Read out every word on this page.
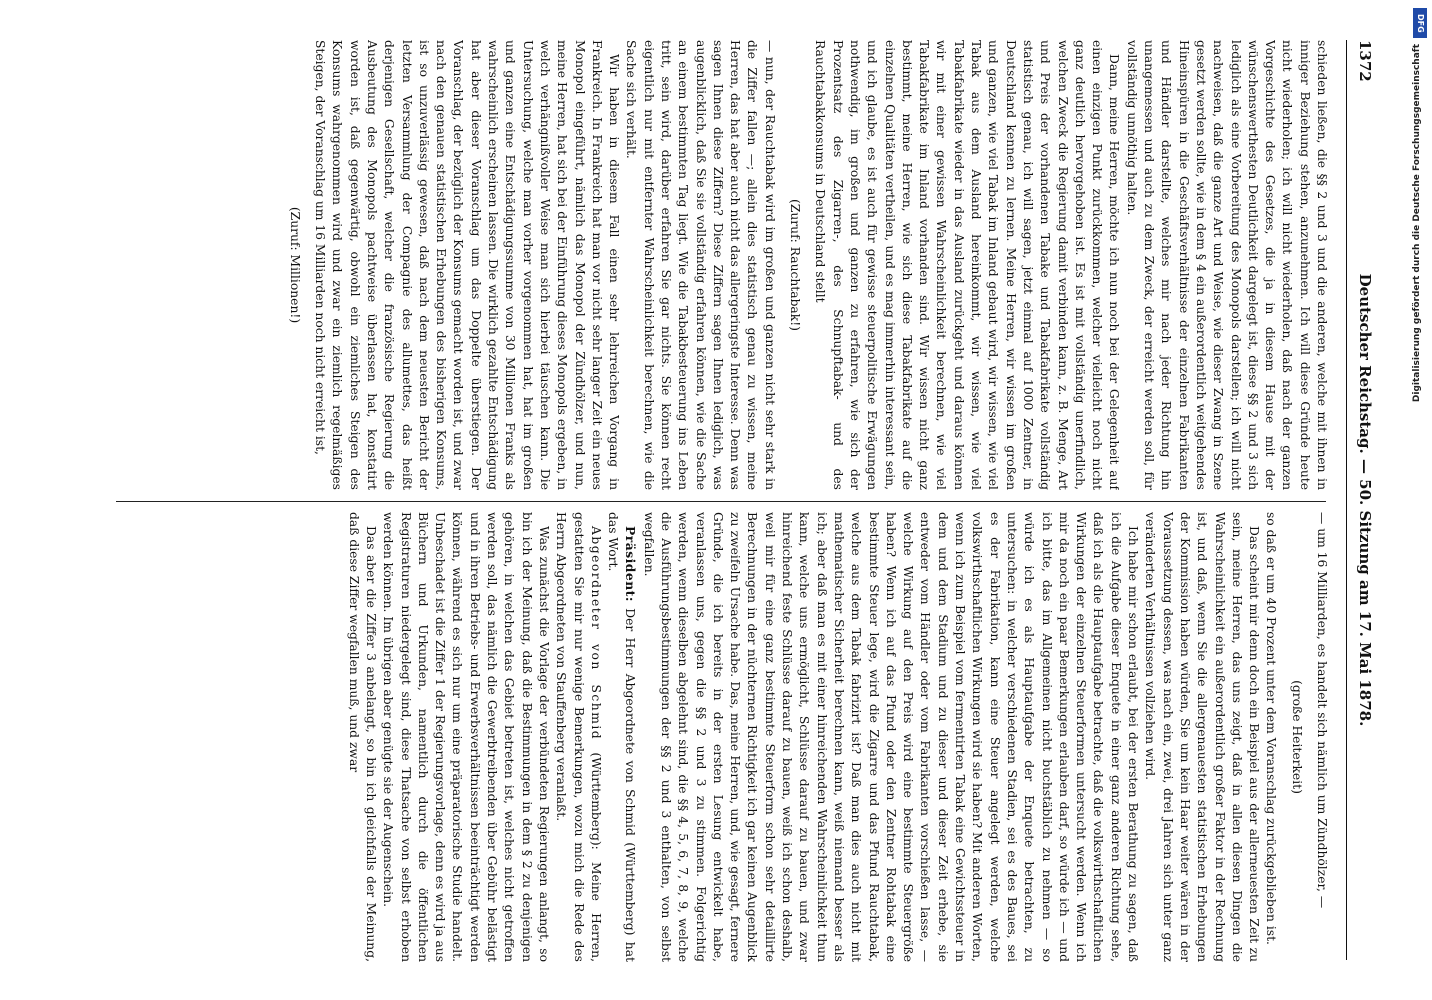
1372
Deutscher Reichstag. — 50. Sitzung am 17. Mai 1878.

schieden ließen, die §§ 2 und 3 und die anderen, welche mit ihnen in inniger Beziehung stehen, anzunehmen. Ich will diese Gründe heute nicht wiederholen; ich will nicht wiederholen, daß nach der ganzen Vorgeschichte des Gesetzes, die ja in diesem Hause mit der wünschenswerthesten Deutlichkeit dargelegt ist, diese §§ 2 und 3 sich lediglich als eine Vorbereitung des Monopols darstellen; ich will nicht nachweisen, daß die ganze Art und Weise, wie dieser Zwang in Szene gesetzt werden sollte, wie in dem § 4 ein außerordentlich weitgehendes Hineinspüren in die Geschäftsverhältnisse der einzelnen Fabrikanten und Händler darstellte, welches mir nach jeder Richtung hin unangemessen und auch zu dem Zweck, der erreicht werden soll, für vollständig unnöthig halten.

Dann, meine Herren, möchte ich nun noch bei der Gelegenheit auf einen einzigen Punkt zurückkommen, welcher vielleicht noch nicht ganz deutlich hervorgehoben ist. Es ist mit vollständig unerfindlich, welchen Zweck die Regierung damit verbinden kann, z. B. Menge, Art und Preis der vorhandenen Tabake und Tabakfabrikate vollständig statistisch genau, ich will sagen, jetzt einmal auf 1000 Zentner, in Deutschland kennen zu lernen. Meine Herren, wir wissen im großen und ganzen, wie viel Tabak im Inland gebaut wird, wir wissen, wie viel Tabak aus dem Ausland hereinkommt, wir wissen, wie viel Tabakfabrikate wieder in das Ausland zurückgeht und daraus können wir mit einer gewissen Wahrscheinlichkeit berechnen, wie viel Tabakfabrikate im Inland vorhanden sind. Wir wissen nicht ganz bestimmt, meine Herren, wie sich diese Tabakfabrikate auf die einzelnen Qualitäten vertheilen, und es mag immerhin interessant sein, und ich glaube, es ist auch für gewisse steuerpolitische Erwägungen nothwendig, im großen und ganzen zu erfahren, wie sich der Prozentsatz des Zigarren-, des Schnupftabak- und des Rauchtabakkonsums in Deutschland stellt

(Zuruf: Rauchtabak!)

— nun, der Rauchtabak wird im großen und ganzen nicht sehr stark in die Ziffer fallen —; allein dies statistisch genau zu wissen, meine Herren, das hat aber auch nicht das allergeringste Interesse. Denn was sagen Ihnen diese Ziffern? Diese Ziffern sagen Ihnen lediglich, was augenblicklich, daß Sie sie vollständig erfahren können, wie die Sache an einem bestimmten Tag liegt. Wie die Tabakbesteuerung ins Leben tritt, sein wird, darüber erfahren Sie gar nichts. Sie können recht eigentlich nur mit entfernter Wahrscheinlichkeit berechnen, wie die Sache sich verhält.

Wir haben in diesem Fall einen sehr lehrreichen Vorgang in Frankreich. In Frankreich hat man vor nicht sehr langer Zeit ein neues Monopol eingeführt, nämlich das Monopol der Zündhölzer, und nun, meine Herren, hat sich bei der Einführung dieses Monopols ergeben, in welch verhängnißvoller Weise man sich hierbei täuschen kann. Die Untersuchung, welche man vorher vorgenommen hat, hat im großen und ganzen eine Entschädigungssumme von 30 Millionen Franks als wahrscheinlich erscheinen lassen. Die wirklich gezahlte Entschädigung hat aber dieser Voranschlag um das Doppelte überstiegen. Der Voranschlag, der bezüglich der Konsums gemacht worden ist, und zwar nach den genauen statistischen Erhebungen des bisherigen Konsums, ist so unzuverlässig gewesen, daß nach dem neuesten Bericht der letzten Versammlung der Compagnie des allumettes, das heißt derjenigen Gesellschaft, welcher die französische Regierung die Ausbeutung des Monopols pachtweise überlassen hat, konstatirt worden ist, daß gegenwärtig, obwohl ein ziemliches Steigen des Konsums wahrgenommen wird und zwar ein ziemlich regelmäßiges Steigen, der Voranschlag um 16 Milliarden noch nicht erreicht ist,

(Zuruf: Millionen!)

— um 16 Milliarden, es handelt sich nämlich um Zündhölzer, —

(große Heiterkeit)

so daß er um 40 Prozent unter dem Voranschlag zurückgeblieben ist.

Das scheint mir denn doch ein Beispiel aus der allerneuesten Zeit zu sein, meine Herren, das uns zeigt, daß in allen diesen Dingen die Wahrscheinlichkeit ein außerordentlich großer Faktor in der Rechnung ist, und daß, wenn Sie die allergenauesten statistischen Erhebungen der Kommission haben würden, Sie um kein Haar weiter wären in der Voraussetzung dessen, was nach ein, zwei, drei Jahren sich unter ganz veränderten Verhältnissen vollziehen wird.

Ich habe mir schon erlaubt, bei der ersten Berathung zu sagen, daß ich die Aufgabe dieser Enquete in einer ganz anderen Richtung sehe, daß ich als die Hauptaufgabe betrachte, daß die volkswirthschaftlichen Wirkungen der einzelnen Steuerformen untersucht werden. Wenn ich mir da noch ein paar Bemerkungen erlauben darf, so würde ich — und ich bitte, das im Allgemeinen nicht buchstäblich zu nehmen — so würde ich es als Hauptaufgabe der Enquete betrachten, zu untersuchen: in welcher verschiedenen Stadien, sei es des Baues, sei es der Fabrikation, kann eine Steuer angelegt werden, welche volkswirthschaftlichen Wirkungen wird sie haben? Mit anderen Worten, wenn ich zum Beispiel vom fermentirten Tabak eine Gewichtssteuer in dem und dem Stadium und zu dieser und dieser Zeit erhebe, sie entweder vom Händler oder vom Fabrikanten vorschießen lasse, — welche Wirkung auf den Preis wird eine bestimmte Steuergröße haben? Wenn ich auf das Pfund oder den Zentner Rohtabak eine bestimmte Steuer lege, wird die Zigarre und das Pfund Rauchtabak, welche aus dem Tabak fabrizirt ist? Daß man dies auch nicht mit mathematischer Sicherheit berechnen kann, weiß niemand besser als ich; aber daß man es mit einer hinreichenden Wahrscheinlichkeit thun kann, welche uns ermöglicht, Schlüsse darauf zu bauen, und zwar hinreichend feste Schlüsse darauf zu bauen, weiß ich schon deshalb, weil mir für eine ganz bestimmte Steuerform schon sehr detaillirte Berechnungen in der nüchternen Richtigkeit ich gar keinen Augenblick zu zweifeln Ursache habe. Das, meine Herren, und, wie gesagt, fernere Gründe, die ich bereits in der ersten Lesung entwickelt habe, veranlassen uns, gegen die §§ 2 und 3 zu stimmen. Folgerichtig werden, wenn dieselben abgelehnt sind, die §§ 4, 5, 6, 7, 8, 9, welche die Ausführungsbestimmungen der §§ 2 und 3 enthalten, von selbst wegfallen.

Präsident: Der Herr Abgeordnete von Schmid (Württemberg) hat das Wort.

Abgeordneter von Schmid (Württemberg): Meine Herren, gestatten Sie mir nur wenige Bemerkungen, wozu mich die Rede des Herrn Abgeordneten von Stauffenberg veranlaßt.

Was zunächst die Vorlage der verbündeten Regierungen anlangt, so bin ich der Meinung, daß die Bestimmungen in dem § 2 zu denjenigen gehören, in welchen das Gebiet betreten ist, welches nicht getroffen werden soll, das nämlich die Gewerbtreibenden über Gebühr belästigt und in ihren Betriebs- und Erwerbsverhältnissen beeinträchtigt werden können, während es sich nur um eine präparatorische Studie handelt. Unbeschadet ist die Ziffer 1 der Regierungsvorlage, denn es wird ja aus Büchern und Urkunden, namentlich durch die öffentlichen Registraturen niedergelegt sind, diese Thatsache von selbst erhoben werden können. Im übrigen aber genügte sie der Augenschein.

Das aber die Ziffer 3 anbelangt, so bin ich gleichfalls der Meinung, daß diese Ziffer wegfallen muß, und zwar

DFG
Digitalisierung gefördert durch die Deutsche Forschungsgemeinschaft
